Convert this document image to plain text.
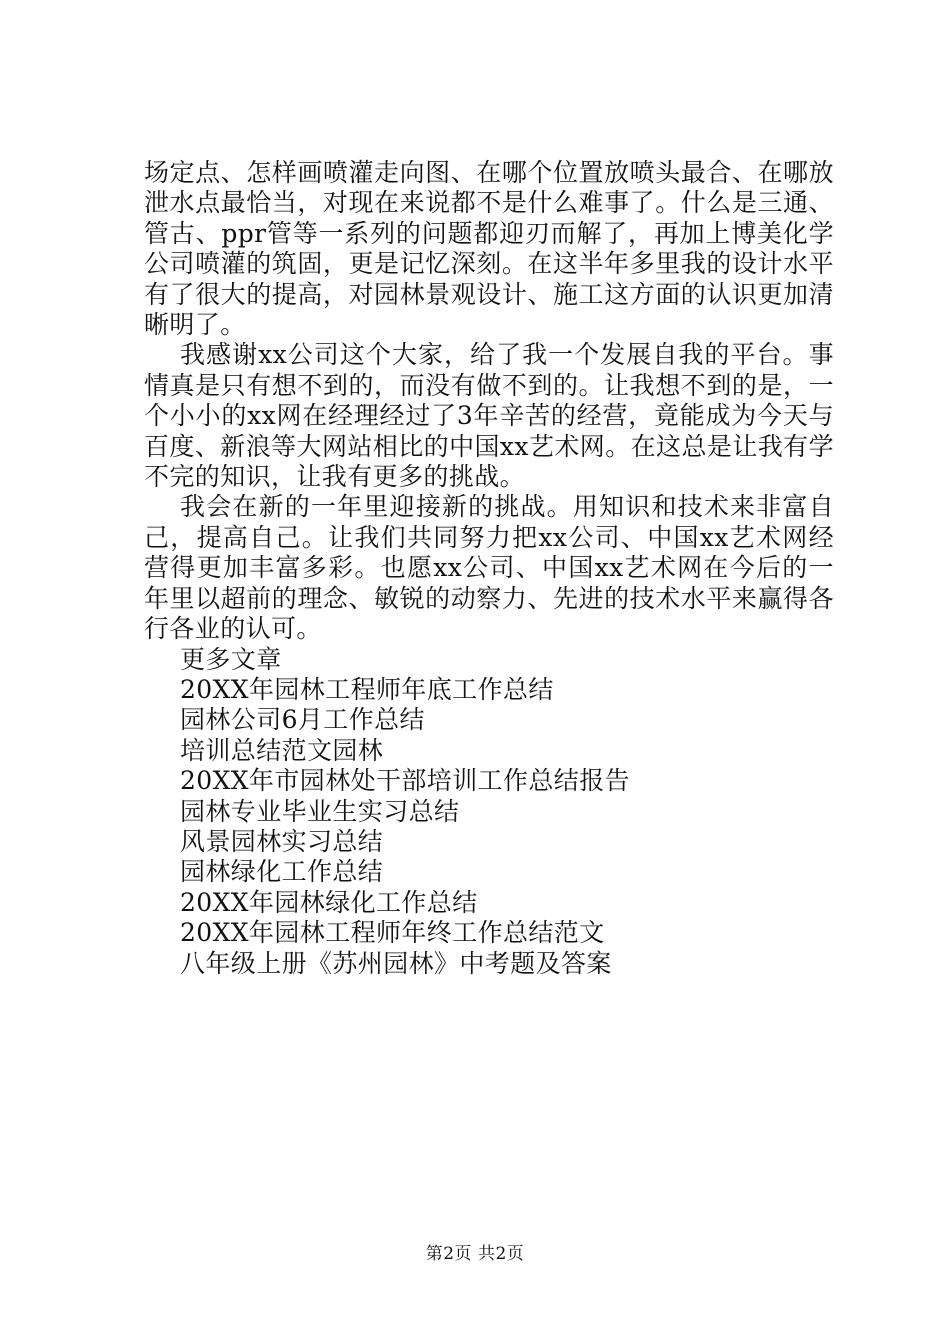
场定点、怎样画喷灌走向图、在哪个位置放喷头最合、在哪放泄水点最恰当，对现在来说都不是什么难事了。什么是三通、管古、ppr管等一系列的问题都迎刃而解了，再加上博美化学公司喷灌的筑固，更是记忆深刻。在这半年多里我的设计水平有了很大的提高，对园林景观设计、施工这方面的认识更加清晰明了。

我感谢xx公司这个大家，给了我一个发展自我的平台。事情真是只有想不到的，而没有做不到的。让我想不到的是，一个小小的xx网在经理经过了3年辛苦的经营，竟能成为今天与百度、新浪等大网站相比的中国xx艺术网。在这总是让我有学不完的知识，让我有更多的挑战。

我会在新的一年里迎接新的挑战。用知识和技术来非富自己，提高自己。让我们共同努力把xx公司、中国xx艺术网经营得更加丰富多彩。也愿xx公司、中国xx艺术网在今后的一年里以超前的理念、敏锐的动察力、先进的技术水平来赢得各行各业的认可。

更多文章

20XX年园林工程师年底工作总结
园林公司6月工作总结
培训总结范文园林
20XX年市园林处干部培训工作总结报告
园林专业毕业生实习总结
风景园林实习总结
园林绿化工作总结
20XX年园林绿化工作总结
20XX年园林工程师年终工作总结范文
八年级上册《苏州园林》中考题及答案
第2页 共2页
